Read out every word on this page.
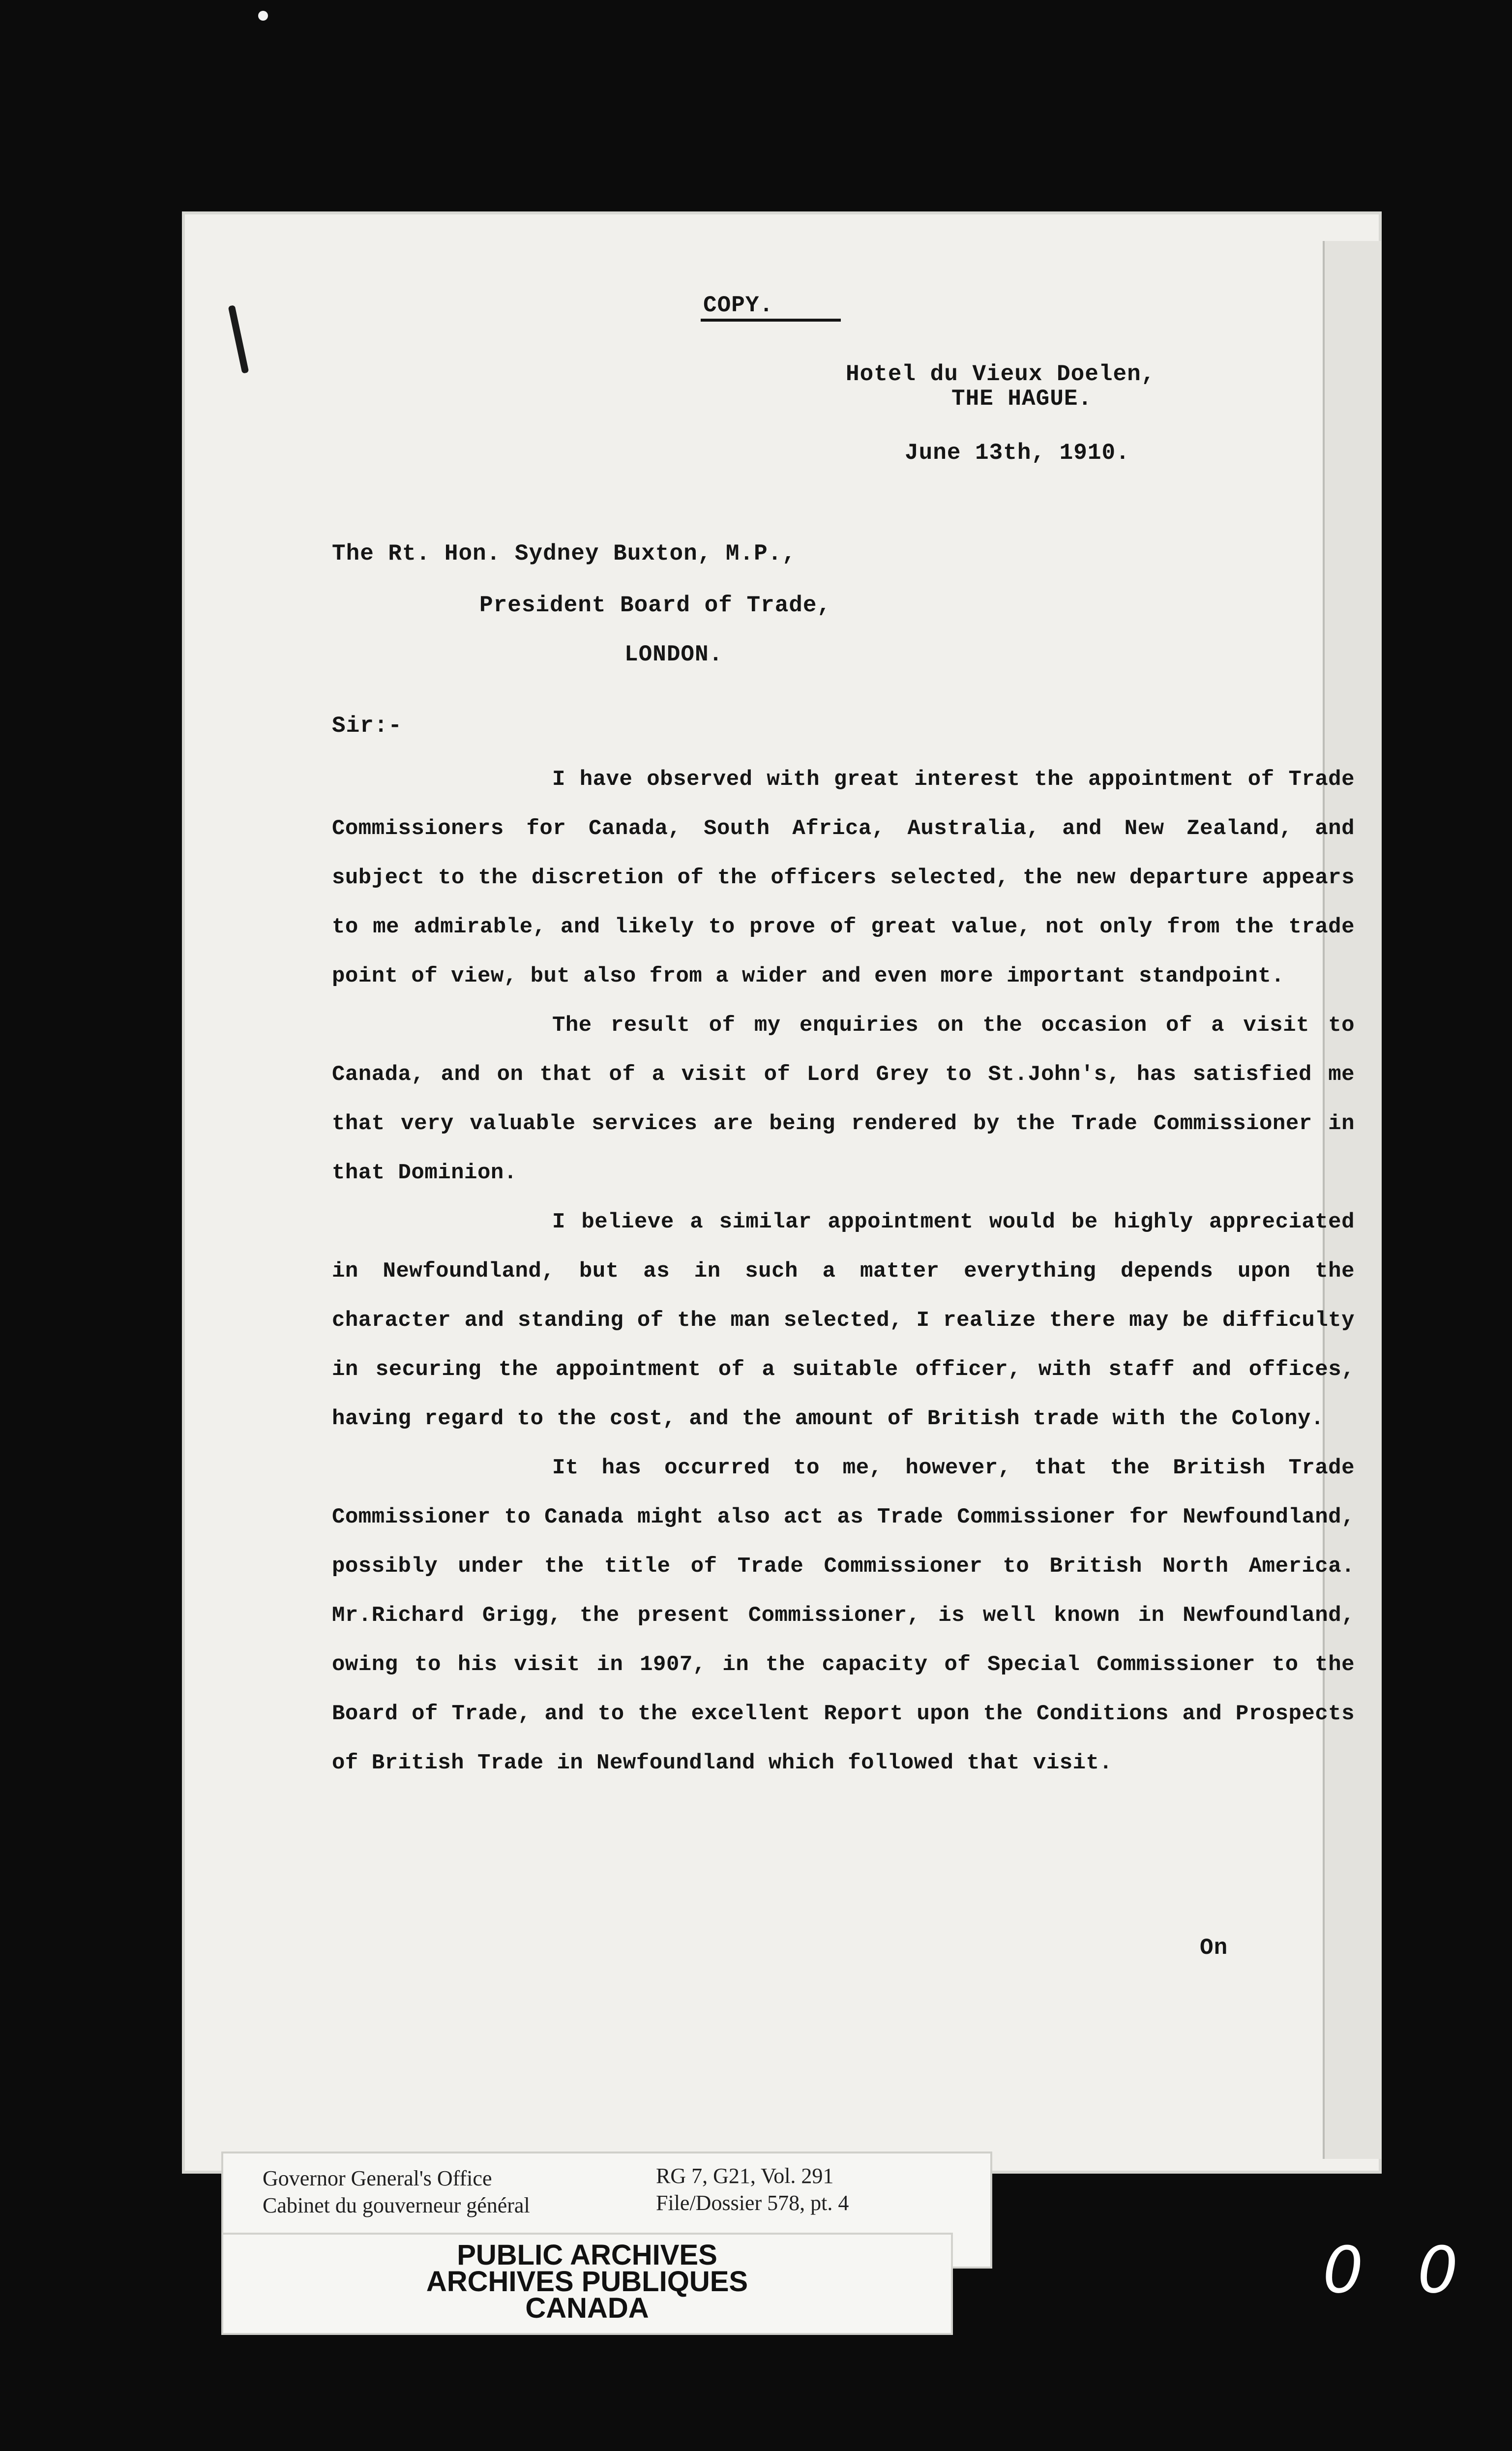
COPY.
Hotel du Vieux Doelen,
THE HAGUE.
June 13th, 1910.
The Rt. Hon. Sydney Buxton, M.P.,
President Board of Trade,
LONDON.
Sir:-

I have observed with great interest the appointment of Trade Commissioners for Canada, South Africa, Australia, and New Zealand, and subject to the discretion of the officers selected, the new departure appears to me admirable, and likely to prove of great value, not only from the trade point of view, but also from a wider and even more important standpoint.

The result of my enquiries on the occasion of a visit to Canada, and on that of a visit of Lord Grey to St.John's, has satisfied me that very valuable services are being rendered by the Trade Commissioner in that Dominion.

I believe a similar appointment would be highly appreciated in Newfoundland, but as in such a matter everything depends upon the character and standing of the man selected, I realize there may be difficulty in securing the appointment of a suitable officer, with staff and offices, having regard to the cost, and the amount of British trade with the Colony.

It has occurred to me, however, that the British Trade Commissioner to Canada might also act as Trade Commissioner for Newfoundland, possibly under the title of Trade Commissioner to British North America. Mr.Richard Grigg, the present Commissioner, is well known in Newfoundland, owing to his visit in 1907, in the capacity of Special Commissioner to the Board of Trade, and to the excellent Report upon the Conditions and Prospects of British Trade in Newfoundland which followed that visit.

On
Governor General's Office
Cabinet du gouverneur général
RG 7, G21, Vol. 291
File/Dossier 578, pt. 4
PUBLIC ARCHIVES
ARCHIVES PUBLIQUES
CANADA
00
